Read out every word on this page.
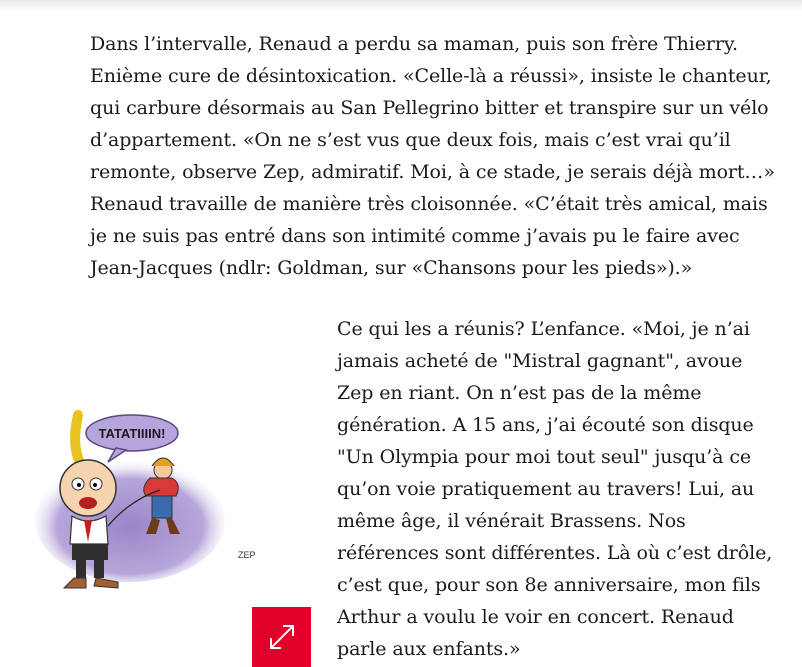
Dans l’intervalle, Renaud a perdu sa maman, puis son frère Thierry. Enième cure de désintoxication. «Celle-là a réussi», insiste le chanteur, qui carbure désormais au San Pellegrino bitter et transpire sur un vélo d’appartement. «On ne s’est vus que deux fois, mais c’est vrai qu’il remonte, observe Zep, admiratif. Moi, à ce stade, je serais déjà mort…» Renaud travaille de manière très cloisonnée. «C’était très amical, mais je ne suis pas entré dans son intimité comme j’avais pu le faire avec Jean-Jacques (ndlr: Goldman, sur «Chansons pour les pieds»).»

TATATIIIIN!
ZEP

Ce qui les a réunis? L’enfance. «Moi, je n’ai jamais acheté de "Mistral gagnant", avoue Zep en riant. On n’est pas de la même génération. A 15 ans, j’ai écouté son disque "Un Olympia pour moi tout seul" jusqu’à ce qu’on voie pratiquement au travers! Lui, au même âge, il vénérait Brassens. Nos références sont différentes. Là où c’est drôle, c’est que, pour son 8e anniversaire, mon fils Arthur a voulu le voir en concert. Renaud parle aux enfants.»
